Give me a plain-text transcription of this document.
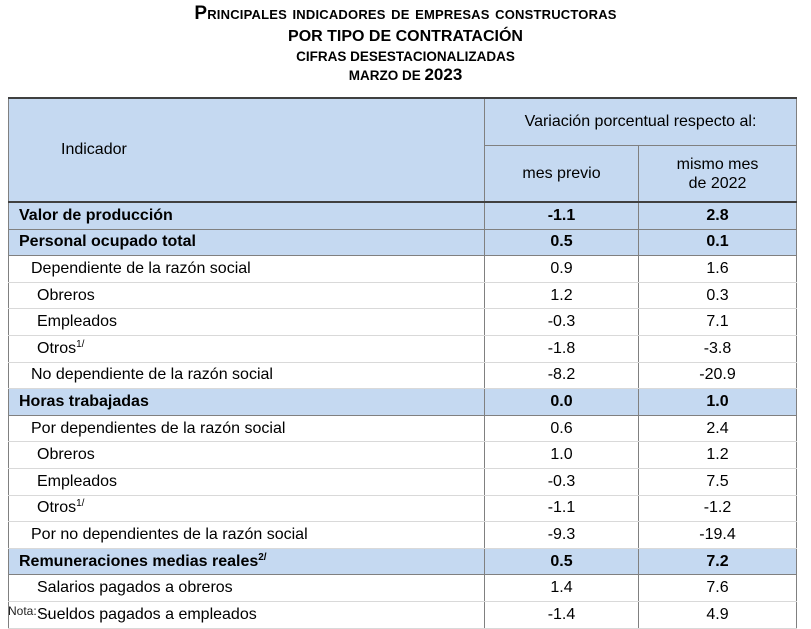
Principales indicadores de empresas constructoras
POR TIPO DE CONTRATACIÓN
CIFRAS DESESTACIONALIZADAS
MARZO DE 2023
Indicador	Variación porcentual respecto al:	
	mes previo	mismo mes
de 2022
Valor de producción	-1.1	2.8
Personal ocupado total	0.5	0.1
Dependiente de la razón social	0.9	1.6
Obreros	1.2	0.3
Empleados	-0.3	7.1
Otros$^{1/}$	-1.8	-3.8
No dependiente de la razón social	-8.2	-20.9
Horas trabajadas	0.0	1.0
Por dependientes de la razón social	0.6	2.4
Obreros	1.0	1.2
Empleados	-0.3	7.5
Otros$^{1/}$	-1.1	-1.2
Por no dependientes de la razón social	-9.3	-19.4
Remuneraciones medias reales$^{2/}$	0.5	7.2
Salarios pagados a obreros	1.4	7.6
Sueldos pagados a empleados	-1.4	4.9
Nota: ...
